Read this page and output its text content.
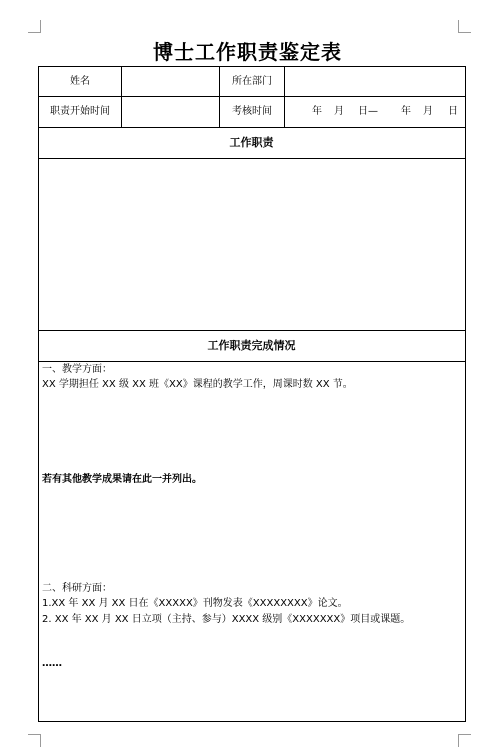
博士工作职责鉴定表
姓名	所在部门
职责开始时间	考核时间	年 月 日— 年 月 日
工作职责
工作职责完成情况
一、教学方面：
XX 学期担任 XX 级 XX 班《XX》课程的教学工作，周课时数 XX 节。
若有其他教学成果请在此一并列出。
二、科研方面：
1.XX 年 XX 月 XX 日在《XXXXX》刊物发表《XXXXXXXX》论文。
2. XX 年 XX 月 XX 日立项（主持、参与）XXXX 级别《XXXXXXX》项目或课题。
……
